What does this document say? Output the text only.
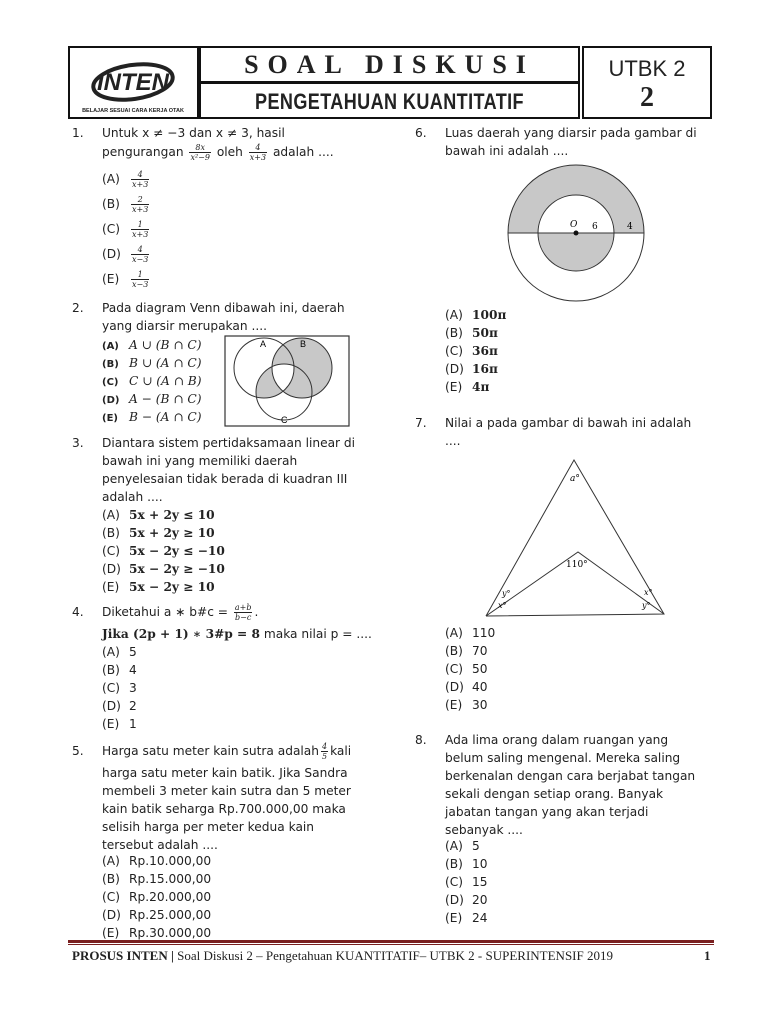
INTEN
BELAJAR SESUAI CARA KERJA OTAK
SOAL DISKUSI
PENGETAHUAN KUANTITATIF
UTBK 2
2
1. Untuk x ≠ −3 dan x ≠ 3, hasil
pengurangan $\frac{8x}{\text{x²−9}}$ oleh $\frac{4}{x+3}$ adalah ....
$(A) \frac{4}{x+3}$
$(B) \frac{2}{x+3}$
$(C) \frac{1}{x+3}$
$(D) \frac{4}{x-3}$
$(E) \frac{1}{x-3}$
2. Pada diagram Venn dibawah ini, daerah
yang diarsir merupakan ....
(A) A ∪ (B ∩ C)
(B) B ∪ (A ∩ C)
(C) C ∪ (A ∩ B)
(D) A − (B ∩ C)
(E) B − (A ∩ C)
A	B
C
3. Diantara sistem pertidaksamaan linear di
bawah ini yang memiliki daerah
penyelesaian tidak berada di kuadran III
adalah ....
(A) 5x + 2y ≤ 10
(B) 5x + 2y ≥ 10
(C) 5x − 2y ≤ −10
(D) 5x − 2y ≥ −10
(E) 5x − 2y ≥ 10
4. Diketahui a ∗ b#c = $\frac{a+b}{b-c}$ .
Jika (2p + 1) ∗ 3#p = 8 maka nilai p = ....
(A) 5
(B) 4
(C) 3
(D) 2
(E) 1
5. Harga satu meter kain sutra adalah $\frac{4}{5}$ kali
harga satu meter kain batik. Jika Sandra
membeli 3 meter kain sutra dan 5 meter
kain batik seharga Rp.700.000,00 maka
selisih harga per meter kedua kain
tersebut adalah ....
(A) Rp.10.000,00
(B) Rp.15.000,00
(C) Rp.20.000,00
(D) Rp.25.000,00
(E) Rp.30.000,00
6. Luas daerah yang diarsir pada gambar di
bawah ini adalah ....
O 6	4
(A) 100π
(B) 50π
(C) 36π
(D) 16π
(E) 4π
7. Nilai a pada gambar di bawah ini adalah
....
a°
110°
y°
x°
x°
y°
(A) 110
(B) 70
(C) 50
(D) 40
(E) 30
8. Ada lima orang dalam ruangan yang
belum saling mengenal. Mereka saling
berkenalan dengan cara berjabat tangan
sekali dengan setiap orang. Banyak
jabatan tangan yang akan terjadi
sebanyak ....
(A) 5
(B) 10
(C) 15
(D) 20
(E) 24
PROSUS INTEN | Soal Diskusi 2 – Pengetahuan KUANTITATIF– UTBK 2 - SUPERINTENSIF 2019	1
